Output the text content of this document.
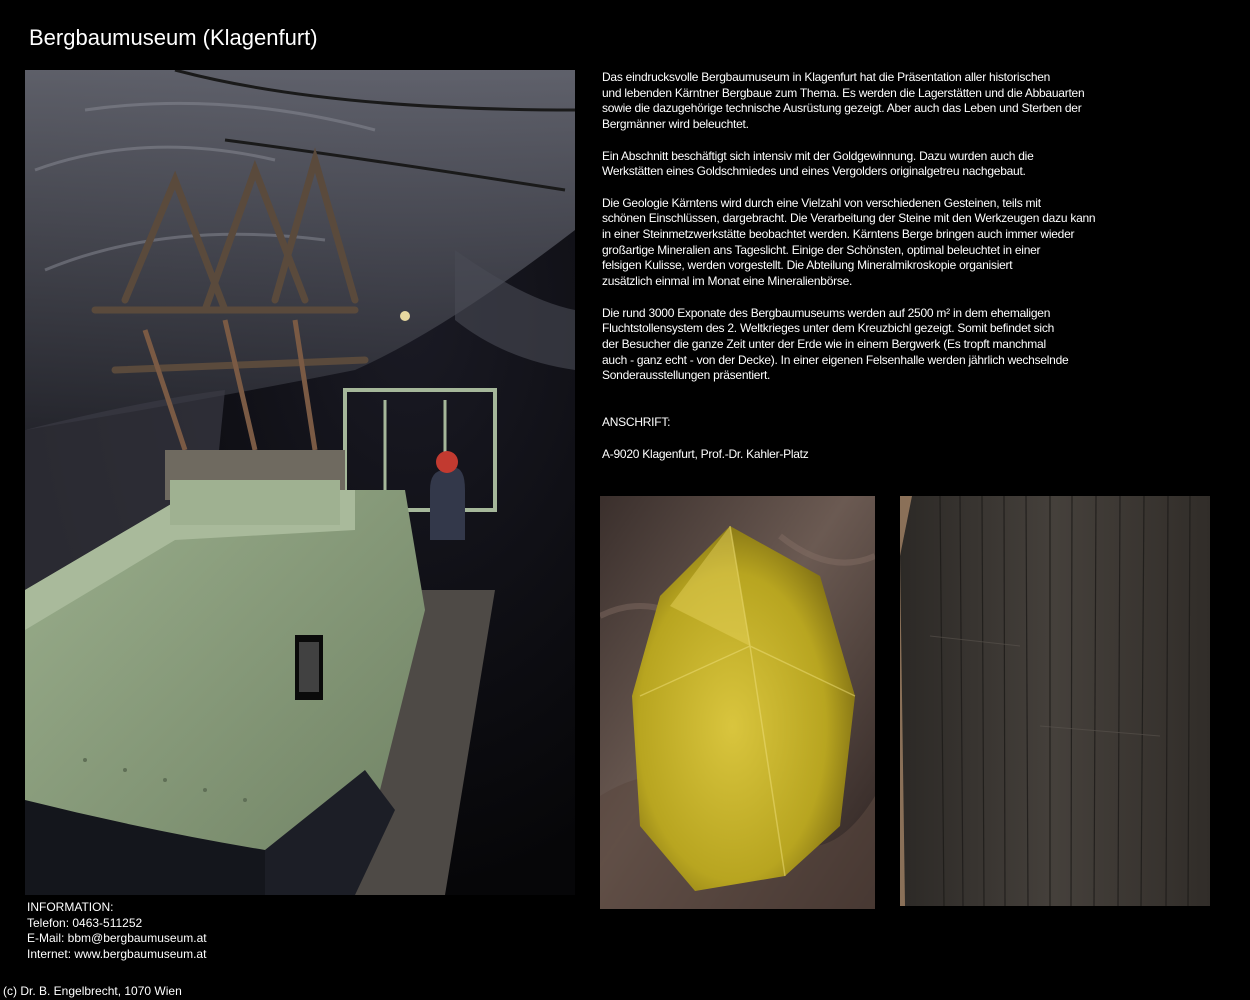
Bergbaumuseum (Klagenfurt)

Das eindrucksvolle Bergbaumuseum in Klagenfurt hat die Präsentation aller historischen
und lebenden Kärntner Bergbaue zum Thema. Es werden die Lagerstätten und die Abbauarten
sowie die dazugehörige technische Ausrüstung gezeigt. Aber auch das Leben und Sterben der
Bergmänner wird beleuchtet.

Ein Abschnitt beschäftigt sich intensiv mit der Goldgewinnung. Dazu wurden auch die
Werkstätten eines Goldschmiedes und eines Vergolders originalgetreu nachgebaut.

Die Geologie Kärntens wird durch eine Vielzahl von verschiedenen Gesteinen, teils mit
schönen Einschlüssen, dargebracht. Die Verarbeitung der Steine mit den Werkzeugen dazu kann
in einer Steinmetzwerkstätte beobachtet werden. Kärntens Berge bringen auch immer wieder
großartige Mineralien ans Tageslicht. Einige der Schönsten, optimal beleuchtet in einer
felsigen Kulisse, werden vorgestellt. Die Abteilung Mineralmikroskopie organisiert
zusätzlich einmal im Monat eine Mineralienbörse.

Die rund 3000 Exponate des Bergbaumuseums werden auf 2500 m² in dem ehemaligen
Fluchtstollensystem des 2. Weltkrieges unter dem Kreuzbichl gezeigt. Somit befindet sich
der Besucher die ganze Zeit unter der Erde wie in einem Bergwerk (Es tropft manchmal
auch - ganz echt - von der Decke). In einer eigenen Felsenhalle werden jährlich wechselnde
Sonderausstellungen präsentiert.

ANSCHRIFT:

A-9020 Klagenfurt, Prof.-Dr. Kahler-Platz

INFORMATION:
Telefon: 0463-511252
E-Mail: bbm@bergbaumuseum.at
Internet: www.bergbaumuseum.at
(c) Dr. B. Engelbrecht, 1070 Wien
